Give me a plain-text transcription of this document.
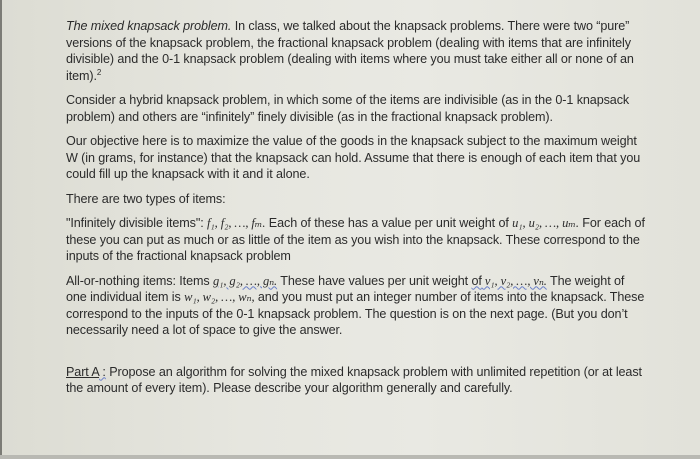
The mixed knapsack problem. In class, we talked about the knapsack problems. There were two “pure” versions of the knapsack problem, the fractional knapsack problem (dealing with items that are infinitely divisible) and the 0-1 knapsack problem (dealing with items where you must take either all or none of an item).$^2$

Consider a hybrid knapsack problem, in which some of the items are indivisible (as in the 0-1 knapsack problem) and others are “infinitely” finely divisible (as in the fractional knapsack problem).

Our objective here is to maximize the value of the goods in the knapsack subject to the maximum weight W (in grams, for instance) that the knapsack can hold. Assume that there is enough of each item that you could fill up the knapsack with it and it alone.

There are two types of items:

"Infinitely divisible items": f₁, f₂, …, fₘ. Each of these has a value per unit weight of u₁, u₂, …, uₘ. For each of these you can put as much or as little of the item as you wish into the knapsack. These correspond to the inputs of the fractional knapsack problem

All-or-nothing items: Items g₁, g₂, …, gₙ. These have values per unit weight of v₁, v₂, …, vₙ. The weight of one individual item is w₁, w₂, …, wₙ, and you must put an integer number of items into the knapsack. These correspond to the inputs of the 0-1 knapsack problem. The question is on the next page. (But you don’t necessarily need a lot of space to give the answer.

Part A : Propose an algorithm for solving the mixed knapsack problem with unlimited repetition (or at least the amount of every item). Please describe your algorithm generally and carefully.
